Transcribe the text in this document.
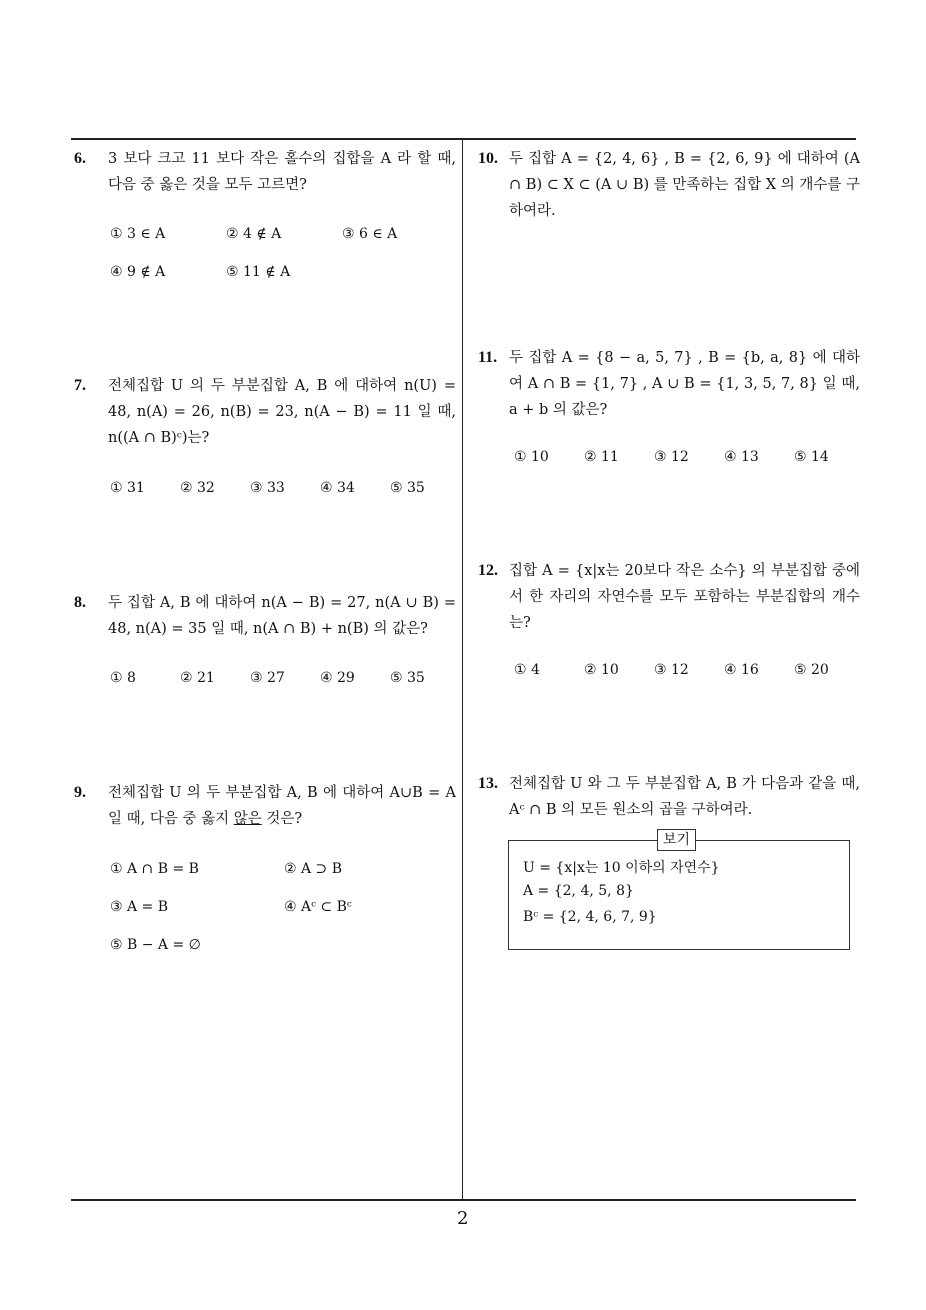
6. 3 보다 크고 11 보다 작은 홀수의 집합을 A 라 할 때, 다음 중 옳은 것을 모두 고르면?
① 3 ∈ A	② 4 ∉ A	③ 6 ∈ A
④ 9 ∉ A	⑤ 11 ∉ A
7. 전체집합 U 의 두 부분집합 A, B 에 대하여 n(U) = 48, n(A) = 26, n(B) = 23, n(A − B) = 11 일 때, n((A ∩ B)ᶜ)는?
① 31	② 32	③ 33	④ 34	⑤ 35
8. 두 집합 A, B 에 대하여 n(A − B) = 27, n(A ∪ B) = 48, n(A) = 35 일 때, n(A ∩ B) + n(B) 의 값은?
① 8	② 21	③ 27	④ 29	⑤ 35
9. 전체집합 U 의 두 부분집합 A, B 에 대하여 A∪B = A 일 때, 다음 중 옳지 않은 것은?
① A ∩ B = B	② A ⊃ B
③ A = B	④ Aᶜ ⊂ Bᶜ
⑤ B − A = ∅
10. 두 집합 A = {2, 4, 6} , B = {2, 6, 9} 에 대하여 (A ∩ B) ⊂ X ⊂ (A ∪ B) 를 만족하는 집합 X 의 개수를 구하여라.
11. 두 집합 A = {8 − a, 5, 7} , B = {b, a, 8} 에 대하여 A ∩ B = {1, 7} , A ∪ B = {1, 3, 5, 7, 8} 일 때, a + b 의 값은?
① 10	② 11	③ 12	④ 13	⑤ 14
12. 집합 A = {x|x는 20보다 작은 소수} 의 부분집합 중에서 한 자리의 자연수를 모두 포함하는 부분집합의 개수는?
① 4	② 10	③ 12	④ 16	⑤ 20
13. 전체집합 U 와 그 두 부분집합 A, B 가 다음과 같을 때, Aᶜ ∩ B 의 모든 원소의 곱을 구하여라.
보기
U = {x|x는 10 이하의 자연수}
A = {2, 4, 5, 8}
Bᶜ = {2, 4, 6, 7, 9}
2
